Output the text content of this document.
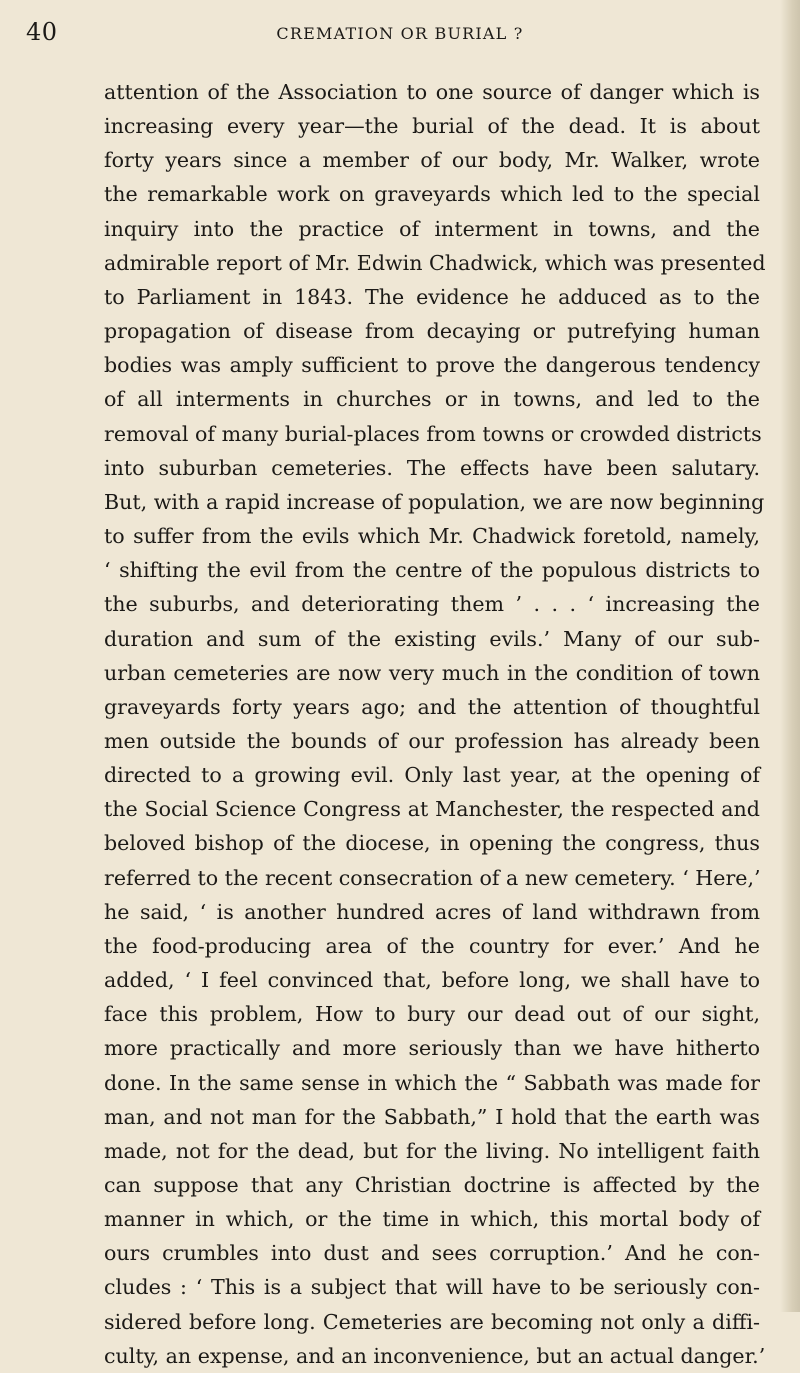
40	CREMATION OR BURIAL ?

attention of the Association to one source of danger which is
increasing every year—the burial of the dead. It is about
forty years since a member of our body, Mr. Walker, wrote
the remarkable work on graveyards which led to the special
inquiry into the practice of interment in towns, and the
admirable report of Mr. Edwin Chadwick, which was presented
to Parliament in 1843. The evidence he adduced as to the
propagation of disease from decaying or putrefying human
bodies was amply sufficient to prove the dangerous tendency
of all interments in churches or in towns, and led to the
removal of many burial-places from towns or crowded districts
into suburban cemeteries. The effects have been salutary.
But, with a rapid increase of population, we are now beginning
to suffer from the evils which Mr. Chadwick foretold, namely,
‘ shifting the evil from the centre of the populous districts to
the suburbs, and deteriorating them ’ . . . ‘ increasing the
duration and sum of the existing evils.’ Many of our sub-
urban cemeteries are now very much in the condition of town
graveyards forty years ago; and the attention of thoughtful
men outside the bounds of our profession has already been
directed to a growing evil. Only last year, at the opening of
the Social Science Congress at Manchester, the respected and
beloved bishop of the diocese, in opening the congress, thus
referred to the recent consecration of a new cemetery. ‘ Here,’
he said, ‘ is another hundred acres of land withdrawn from
the food-producing area of the country for ever.’ And he
added, ‘ I feel convinced that, before long, we shall have to
face this problem, How to bury our dead out of our sight,
more practically and more seriously than we have hitherto
done. In the same sense in which the “ Sabbath was made for
man, and not man for the Sabbath,” I hold that the earth was
made, not for the dead, but for the living. No intelligent faith
can suppose that any Christian doctrine is affected by the
manner in which, or the time in which, this mortal body of
ours crumbles into dust and sees corruption.’ And he con-
cludes : ‘ This is a subject that will have to be seriously con-
sidered before long. Cemeteries are becoming not only a diffi-
culty, an expense, and an inconvenience, but an actual danger.’
